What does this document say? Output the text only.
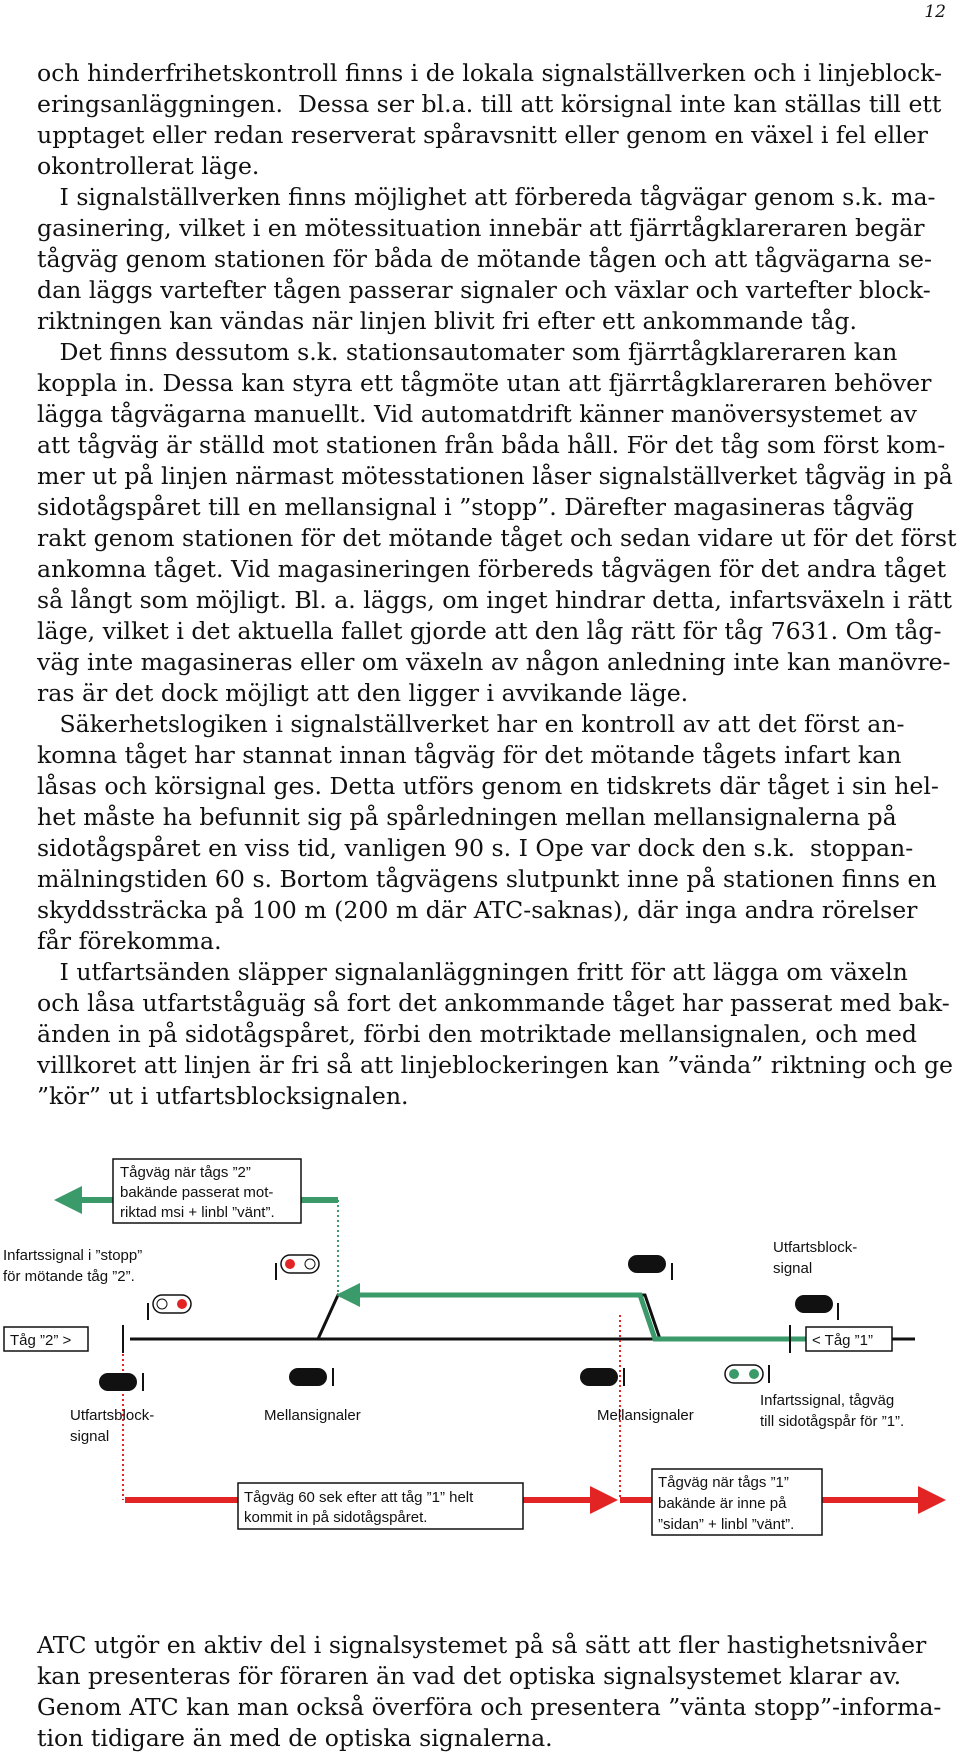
12
och hinderfrihetskontroll finns i de lokala signalställverken och i linjeblock-
eringsanläggningen.  Dessa ser bl.a. till att körsignal inte kan ställas till ett
upptaget eller redan reserverat spåravsnitt eller genom en växel i fel eller
okontrollerat läge.
I signalställverken finns möjlighet att förbereda tågvägar genom s.k. ma-
gasinering, vilket i en mötessituation innebär att fjärrtågklareraren begär
tågväg genom stationen för båda de mötande tågen och att tågvägarna se-
dan läggs vartefter tågen passerar signaler och växlar och vartefter block-
riktningen kan vändas när linjen blivit fri efter ett ankommande tåg.
Det finns dessutom s.k. stationsautomater som fjärrtågklareraren kan
koppla in. Dessa kan styra ett tågmöte utan att fjärrtågklareraren behöver
lägga tågvägarna manuellt. Vid automatdrift känner manöversystemet av
att tågväg är ställd mot stationen från båda håll. För det tåg som först kom-
mer ut på linjen närmast mötesstationen låser signalställverket tågväg in på
sidotågspåret till en mellansignal i ”stopp”. Därefter magasineras tågväg
rakt genom stationen för det mötande tåget och sedan vidare ut för det först
ankomna tåget. Vid magasineringen förbereds tågvägen för det andra tåget
så långt som möjligt. Bl. a. läggs, om inget hindrar detta, infartsväxeln i rätt
läge, vilket i det aktuella fallet gjorde att den låg rätt för tåg 7631. Om tåg-
väg inte magasineras eller om växeln av någon anledning inte kan manövre-
ras är det dock möjligt att den ligger i avvikande läge.
Säkerhetslogiken i signalställverket har en kontroll av att det först an-
komna tåget har stannat innan tågväg för det mötande tågets infart kan
låsas och körsignal ges. Detta utförs genom en tidskrets där tåget i sin hel-
het måste ha befunnit sig på spårledningen mellan mellansignalerna på
sidotågspåret en viss tid, vanligen 90 s. I Ope var dock den s.k.  stoppan-
mälningstiden 60 s. Bortom tågvägens slutpunkt inne på stationen finns en
skyddssträcka på 100 m (200 m där ATC-saknas), där inga andra rörelser
får förekomma.
I utfartsänden släpper signalanläggningen fritt för att lägga om växeln
och låsa utfartståguäg så fort det ankommande tåget har passerat med bak-
änden in på sidotågspåret, förbi den motriktade mellansignalen, och med
villkoret att linjen är fri så att linjeblockeringen kan ”vända” riktning och ge
”kör” ut i utfartsblocksignalen.
Tågväg när tågs ”2”
bakände passerat mot-
riktad msi + linbl ”vänt”.
Infartssignal i ”stopp”
för mötande tåg ”2”.
Utfartsblock-
signal
Tåg ”2” >	< Tåg ”1”
Utfartsblock-
signal
Mellansignaler	Mellansignaler
Infartssignal, tågväg
till sidotågspår för ”1”.
Tågväg 60 sek efter att tåg ”1” helt
kommit in på sidotågspåret.
Tågväg när tågs ”1”
bakände är inne på
”sidan” + linbl ”vänt”.
ATC utgör en aktiv del i signalsystemet på så sätt att fler hastighetsnivåer
kan presenteras för föraren än vad det optiska signalsystemet klarar av.
Genom ATC kan man också överföra och presentera ”vänta stopp”-informa-
tion tidigare än med de optiska signalerna.
